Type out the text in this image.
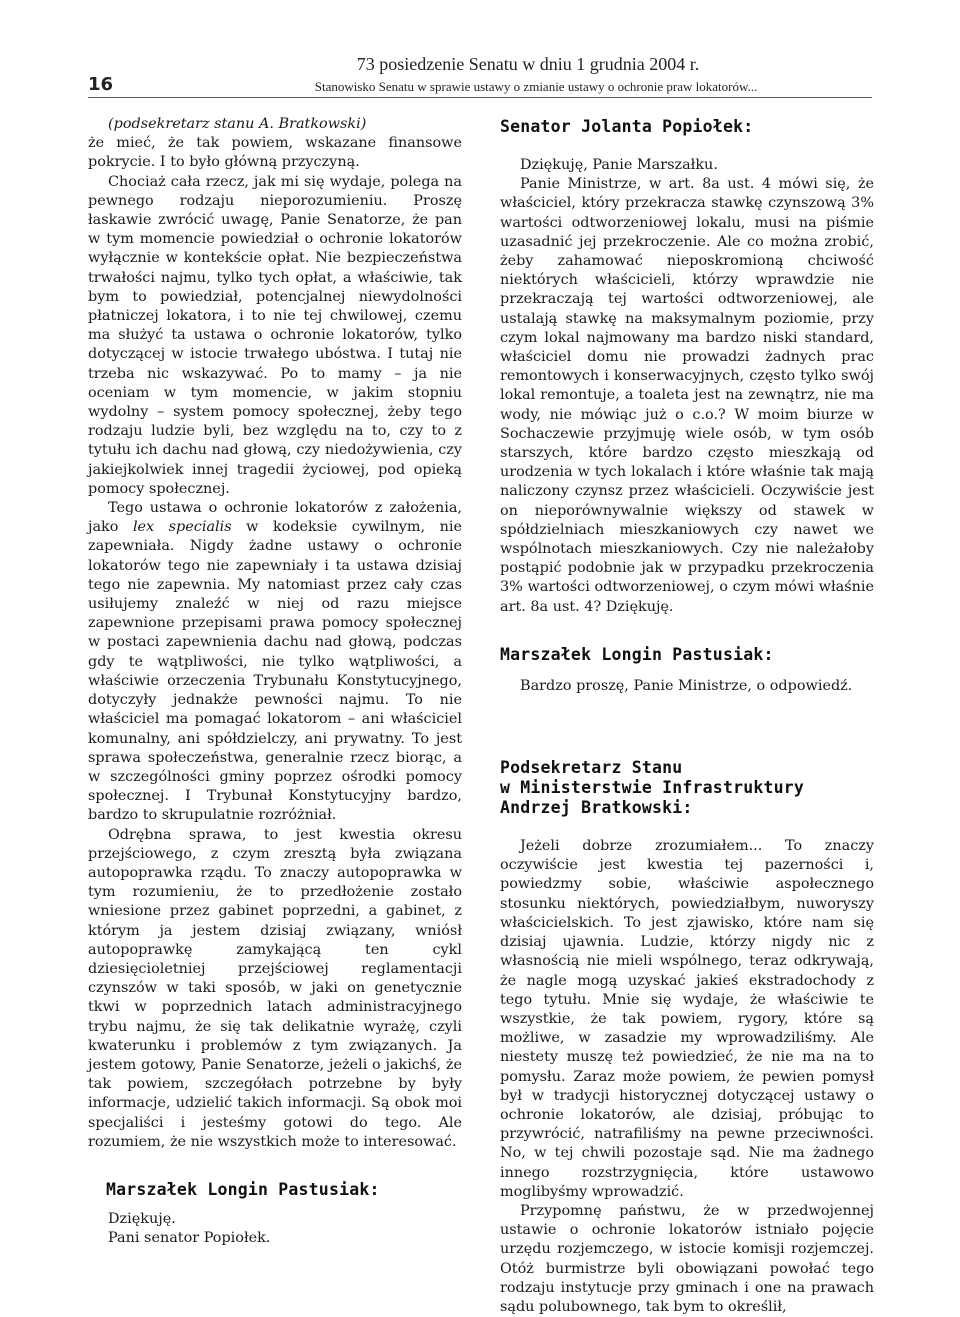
16
73 posiedzenie Senatu w dniu 1 grudnia 2004 r.
Stanowisko Senatu w sprawie ustawy o zmianie ustawy o ochronie praw lokatorów...

(podsekretarz stanu A. Bratkowski)

że mieć, że tak powiem, wskazane finansowe pokrycie. I to było główną przyczyną.

Chociaż cała rzecz, jak mi się wydaje, polega na pewnego rodzaju nieporozumieniu. Proszę łaskawie zwrócić uwagę, Panie Senatorze, że pan w tym momencie powiedział o ochronie lokatorów wyłącznie w kontekście opłat. Nie bezpieczeństwa trwałości najmu, tylko tych opłat, a właściwie, tak bym to powiedział, potencjalnej niewydolności płatniczej lokatora, i to nie tej chwilowej, czemu ma służyć ta ustawa o ochronie lokatorów, tylko dotyczącej w istocie trwałego ubóstwa. I tutaj nie trzeba nic wskazywać. Po to mamy – ja nie oceniam w tym momencie, w jakim stopniu wydolny – system pomocy społecznej, żeby tego rodzaju ludzie byli, bez względu na to, czy to z tytułu ich dachu nad głową, czy niedożywienia, czy jakiejkolwiek innej tragedii życiowej, pod opieką pomocy społecznej.

Tego ustawa o ochronie lokatorów z założenia, jako lex specialis w kodeksie cywilnym, nie zapewniała. Nigdy żadne ustawy o ochronie lokatorów tego nie zapewniały i ta ustawa dzisiaj tego nie zapewnia. My natomiast przez cały czas usiłujemy znaleźć w niej od razu miejsce zapewnione przepisami prawa pomocy społecznej w postaci zapewnienia dachu nad głową, podczas gdy te wątpliwości, nie tylko wątpliwości, a właściwie orzeczenia Trybunału Konstytucyjnego, dotyczyły jednakże pewności najmu. To nie właściciel ma pomagać lokatorom – ani właściciel komunalny, ani spółdzielczy, ani prywatny. To jest sprawa społeczeństwa, generalnie rzecz biorąc, a w szczególności gminy poprzez ośrodki pomocy społecznej. I Trybunał Konstytucyjny bardzo, bardzo to skrupulatnie rozróżniał.

Odrębna sprawa, to jest kwestia okresu przejściowego, z czym zresztą była związana autopoprawka rządu. To znaczy autopoprawka w tym rozumieniu, że to przedłożenie zostało wniesione przez gabinet poprzedni, a gabinet, z którym ja jestem dzisiaj związany, wniósł autopoprawkę zamykającą ten cykl dziesięcioletniej przejściowej reglamentacji czynszów w taki sposób, w jaki on genetycznie tkwi w poprzednich latach administracyjnego trybu najmu, że się tak delikatnie wyrażę, czyli kwaterunku i problemów z tym związanych. Ja jestem gotowy, Panie Senatorze, jeżeli o jakichś, że tak powiem, szczegółach potrzebne by były informacje, udzielić takich informacji. Są obok moi specjaliści i jesteśmy gotowi do tego. Ale rozumiem, że nie wszystkich może to interesować.

Marszałek Longin Pastusiak:

Dziękuję.

Pani senator Popiołek.

Senator Jolanta Popiołek:

Dziękuję, Panie Marszałku.

Panie Ministrze, w art. 8a ust. 4 mówi się, że właściciel, który przekracza stawkę czynszową 3% wartości odtworzeniowej lokalu, musi na piśmie uzasadnić jej przekroczenie. Ale co można zrobić, żeby zahamować nieposkromioną chciwość niektórych właścicieli, którzy wprawdzie nie przekraczają tej wartości odtworzeniowej, ale ustalają stawkę na maksymalnym poziomie, przy czym lokal najmowany ma bardzo niski standard, właściciel domu nie prowadzi żadnych prac remontowych i konserwacyjnych, często tylko swój lokal remontuje, a toaleta jest na zewnątrz, nie ma wody, nie mówiąc już o c.o.? W moim biurze w Sochaczewie przyjmuję wiele osób, w tym osób starszych, które bardzo często mieszkają od urodzenia w tych lokalach i które właśnie tak mają naliczony czynsz przez właścicieli. Oczywiście jest on nieporównywalnie większy od stawek w spółdzielniach mieszkaniowych czy nawet we wspólnotach mieszkaniowych. Czy nie należałoby postąpić podobnie jak w przypadku przekroczenia 3% wartości odtworzeniowej, o czym mówi właśnie art. 8a ust. 4? Dziękuję.

Marszałek Longin Pastusiak:

Bardzo proszę, Panie Ministrze, o odpowiedź.

Podsekretarz Stanu
w Ministerstwie Infrastruktury
Andrzej Bratkowski:

Jeżeli dobrze zrozumiałem... To znaczy oczywiście jest kwestia tej pazerności i, powiedzmy sobie, właściwie aspołecznego stosunku niektórych, powiedziałbym, nuworyszy właścicielskich. To jest zjawisko, które nam się dzisiaj ujawnia. Ludzie, którzy nigdy nic z własnością nie mieli wspólnego, teraz odkrywają, że nagle mogą uzyskać jakieś ekstradochody z tego tytułu. Mnie się wydaje, że właściwie te wszystkie, że tak powiem, rygory, które są możliwe, w zasadzie my wprowadziliśmy. Ale niestety muszę też powiedzieć, że nie ma na to pomysłu. Zaraz może powiem, że pewien pomysł był w tradycji historycznej dotyczącej ustawy o ochronie lokatorów, ale dzisiaj, próbując to przywrócić, natrafiliśmy na pewne przeciwności. No, w tej chwili pozostaje sąd. Nie ma żadnego innego rozstrzygnięcia, które ustawowo moglibyśmy wprowadzić.

Przypomnę państwu, że w przedwojennej ustawie o ochronie lokatorów istniało pojęcie urzędu rozjemczego, w istocie komisji rozjemczej. Otóż burmistrze byli obowiązani powołać tego rodzaju instytucje przy gminach i one na prawach sądu polubownego, tak bym to określił,
